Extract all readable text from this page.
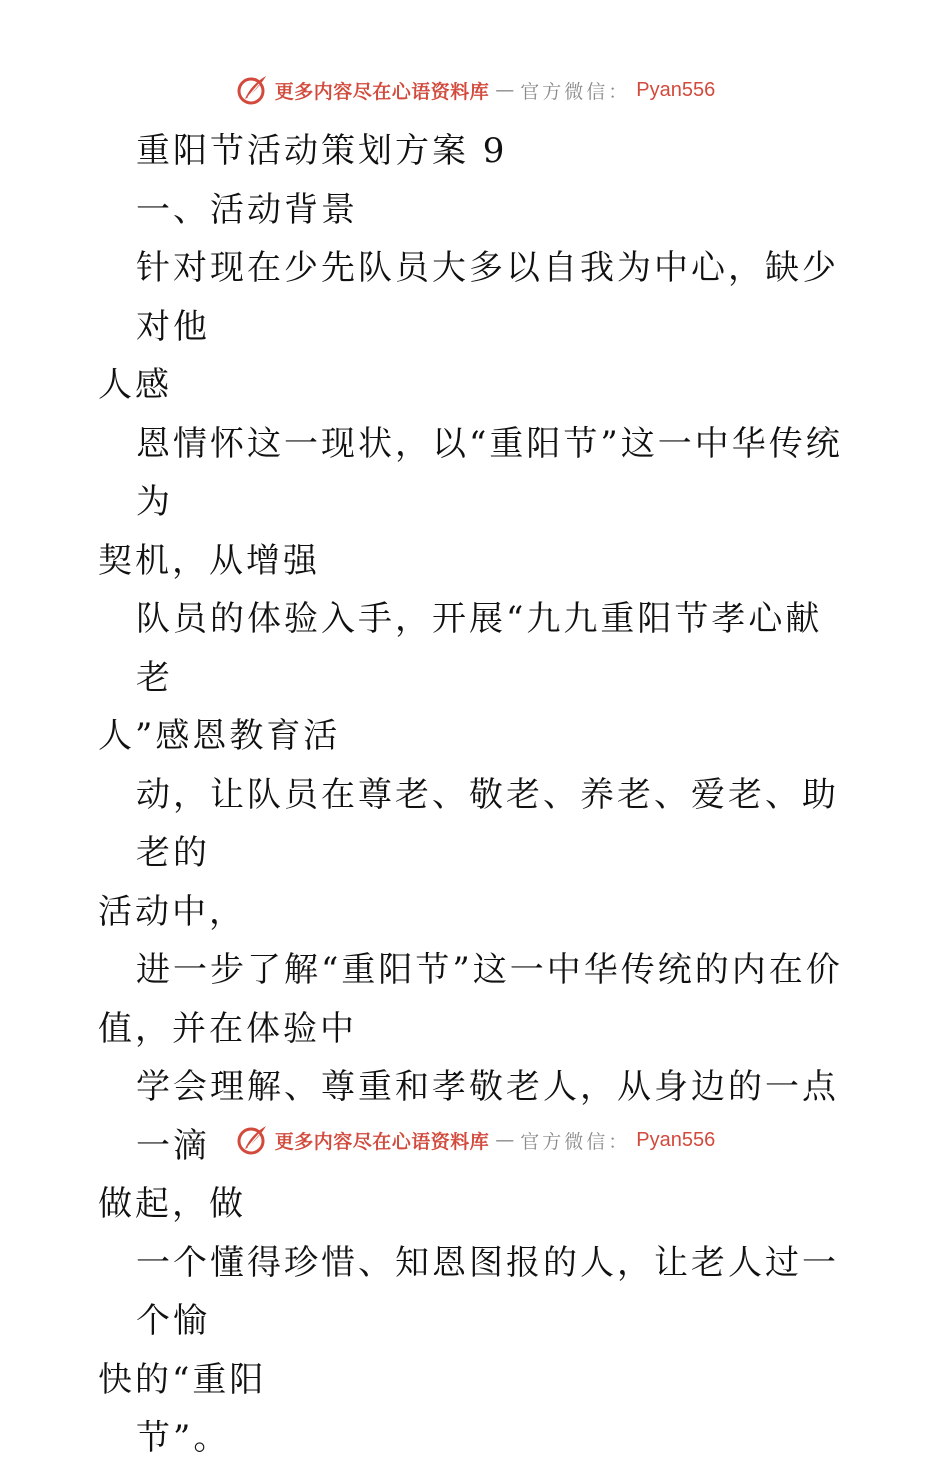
更多内容尽在心语资料库 — 官方微信： Pyan556

重阳节活动策划方案 9

一、活动背景

针对现在少先队员大多以自我为中心，缺少对他

人感

恩情怀这一现状，以“重阳节”这一中华传统为

契机，从增强

队员的体验入手，开展“九九重阳节孝心献老

人”感恩教育活

动，让队员在尊老、敬老、养老、爱老、助老的

活动中，

进一步了解“重阳节”这一中华传统的内在价

值，并在体验中

学会理解、尊重和孝敬老人，从身边的一点一滴

做起，做

一个懂得珍惜、知恩图报的人，让老人过一个愉

快的“重阳

节”。

更多内容尽在心语资料库 — 官方微信： Pyan556
